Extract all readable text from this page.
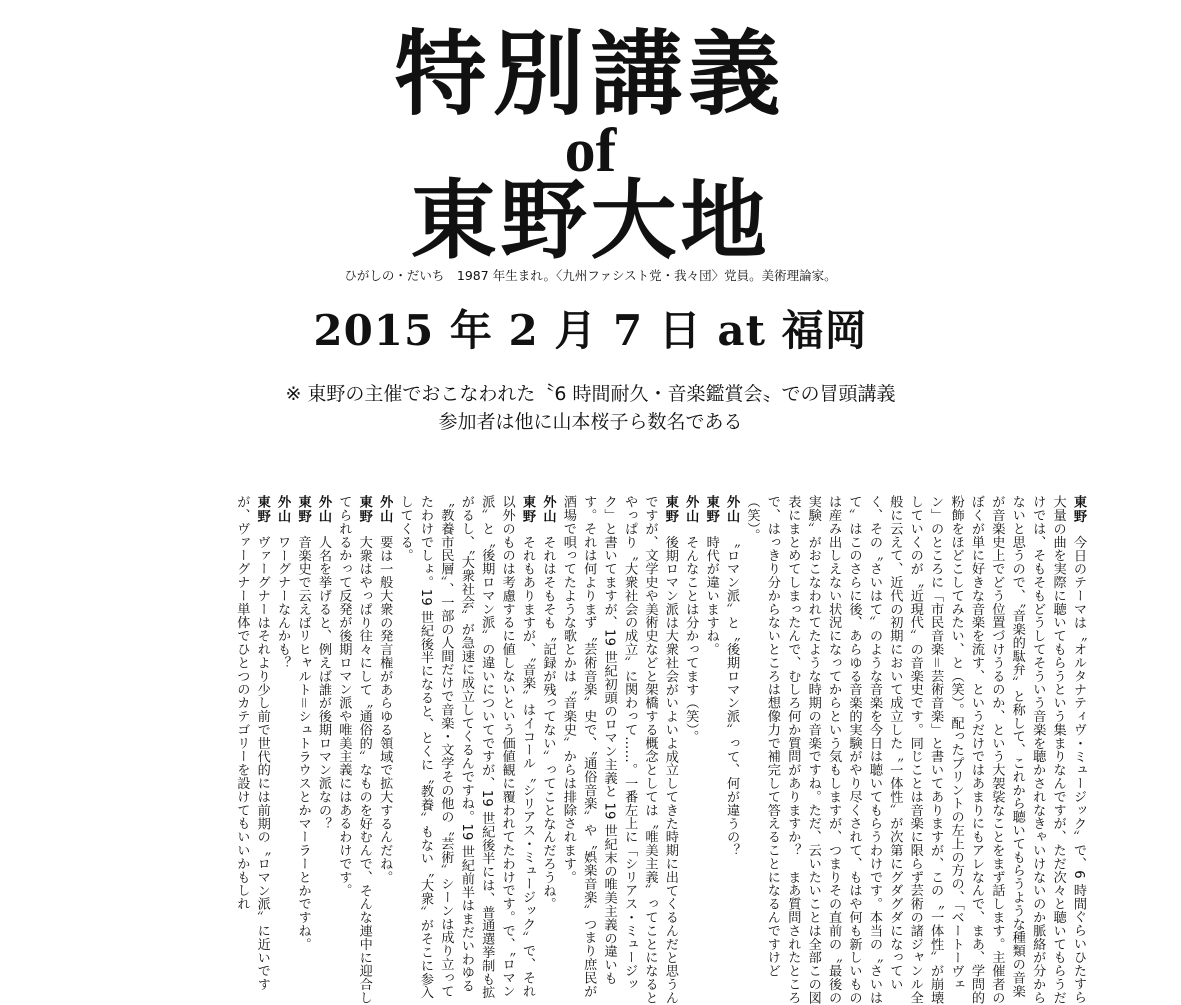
特別講義
of
東野大地
ひがしの・だいち　1987 年生まれ。〈九州ファシスト党・我々団〉党員。美術理論家。
2015 年 2 月 7 日 at 福岡
※ 東野の主催でおこなわれた〝6 時間耐久・音楽鑑賞会〟での冒頭講義
参加者は他に山本桜子ら数名である

東野今日のテーマは〝オルタナティヴ・ミュージック〟で、6 時間ぐらいひたすら大量の曲を実際に聴いてもらうという集まりなんですが、ただ次々と聴いてもらうだけでは、そもそもどうしてそういう音楽を聴かされなきゃいけないのか脈絡が分からないと思うので、〝音楽的駄弁〟と称して、これから聴いてもらうような種類の音楽が音楽史上でどう位置づけうるのか、という大袈裟なことをまず話します。主催者のぼくが単に好きな音楽を流す、というだけではあまりにもアレなんで、まあ、学問的粉飾をほどこしてみたい、と（笑）。配ったプリントの左上の方の、「ベートーヴェン」のところに「市民音楽＝芸術音楽」と書いてありますが、この〝一体性〟が崩壊していくのが〝近現代〟の音楽史です。同じことは音楽に限らず芸術の諸ジャンル全般に云えて、近代の初期において成立した〝一体性〟が次第にグダグダになっていく、その〝さいはて〟のような音楽を今日は聴いてもらうわけです。本当の〝さいはて〟はこのさらに後、あらゆる音楽的実験がやり尽くされて、もはや何も新しいものは産み出しえない状況になってからという気もしますが、つまりその直前の〝最後の実験〟がおこなわれてたような時期の音楽ですね。ただ、云いたいことは全部この図表にまとめてしまったんで、むしろ何か質問がありますか？　まあ質問されたところで、はっきり分からないところは想像力で補完して答えることになるんですけど（笑）。

外山〝ロマン派〟と〝後期ロマン派〟って、何が違うの？

東野時代が違いますね。

外山そんなことは分かってます（笑）。

東野後期ロマン派は大衆社会がいよいよ成立してきた時期に出てくるんだと思うんですが、文学史や美術史などと架橋する概念としては〝唯美主義〟ってことになるとやっぱり〝大衆社会の成立〟に関わって……。一番左上に「シリアス・ミュージック」と書いてますが、19 世紀初頭のロマン主義と 19 世紀末の唯美主義の違いもす。それは何よりまず〝芸術音楽〟史で、〝通俗音楽〟や〝娯楽音楽〟つまり庶民が酒場で唄ってたような歌とかは〝音楽史〟からは排除されます。

外山それはそもそも〝記録が残ってない〟ってことなんだろうね。

東野それもありますが、〝音楽〟はイコール〝シリアス・ミュージック〟で、それ以外のものは考慮するに値しないという価値観に覆われてたわけです。で、〝ロマン派〟と〝後期ロマン派〟の違いについてですが、19 世紀後半には、普通選挙制も拡がるし、〝大衆社会〟が急速に成立してくるんですね。19 世紀前半はまだいわゆる〝教養市民層〟、一部の人間だけで音楽・文学その他の〝芸術〟シーンは成り立ってたわけでしょ。19 世紀後半になると、とくに〝教養〟もない〝大衆〟がそこに参入してくる。

外山要は一般大衆の発言権があらゆる領域で拡大するんだね。

東野大衆はやっぱり往々にして〝通俗的〟なものを好むんで、そんな連中に迎合してられるかって反発が後期ロマン派や唯美主義にはあるわけです。

外山人名を挙げると、例えば誰が後期ロマン派なの？

東野音楽史で云えばリヒャルト＝シュトラウスとかマーラーとかですね。

外山ワーグナーなんかも？

東野ヴァーグナーはそれより少し前で世代的には前期の〝ロマン派〟に近いですが、ヴァーグナー単体でひとつのカテゴリーを設けてもいいかもしれ
